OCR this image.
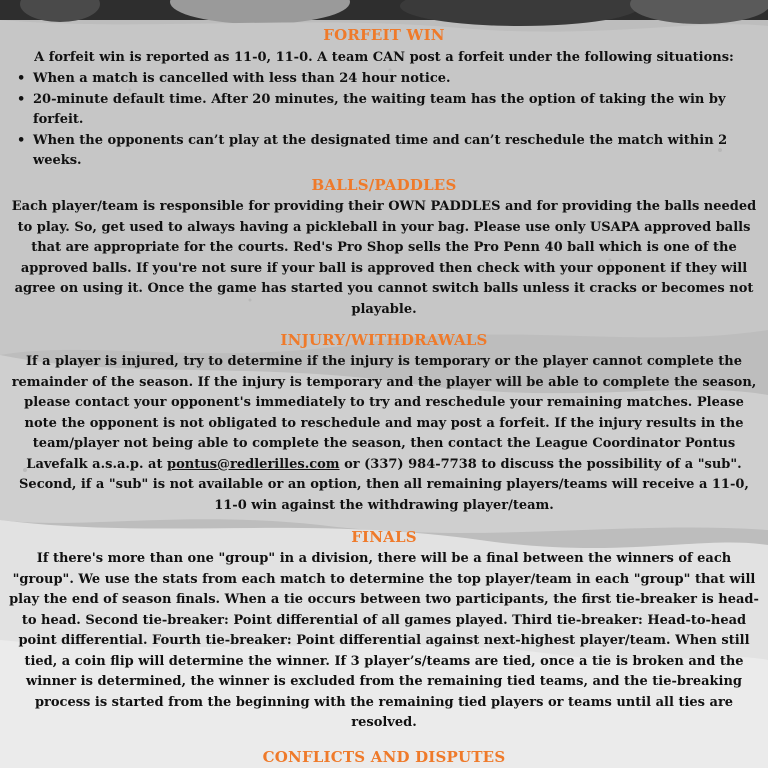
FORFEIT WIN
A forfeit win is reported as 11-0, 11-0. A team CAN post a forfeit under the following situations:
• When a match is cancelled with less than 24 hour notice.
• 20-minute default time. After 20 minutes, the waiting team has the option of taking the win by forfeit.
• When the opponents can’t play at the designated time and can’t reschedule the match within 2 weeks.
BALLS/PADDLES
Each player/team is responsible for providing their OWN PADDLES and for providing the balls needed to play. So, get used to always having a pickleball in your bag. Please use only USAPA approved balls that are appropriate for the courts. Red's Pro Shop sells the Pro Penn 40 ball which is one of the approved balls. If you're not sure if your ball is approved then check with your opponent if they will agree on using it. Once the game has started you cannot switch balls unless it cracks or becomes not playable.
INJURY/WITHDRAWALS
If a player is injured, try to determine if the injury is temporary or the player cannot complete the remainder of the season. If the injury is temporary and the player will be able to complete the season, please contact your opponent's immediately to try and reschedule your remaining matches. Please note the opponent is not obligated to reschedule and may post a forfeit. If the injury results in the team/player not being able to complete the season, then contact the League Coordinator Pontus Lavefalk a.s.a.p. at pontus@redlerilles.com or (337) 984-7738 to discuss the possibility of a "sub". Second, if a "sub" is not available or an option, then all remaining players/teams will receive a 11-0, 11-0 win against the withdrawing player/team.
FINALS
If there's more than one "group" in a division, there will be a final between the winners of each "group". We use the stats from each match to determine the top player/team in each "group" that will play the end of season finals. When a tie occurs between two participants, the first tie-breaker is head-to head. Second tie-breaker: Point differential of all games played. Third tie-breaker: Head-to-head point differential. Fourth tie-breaker: Point differential against next-highest player/team. When still tied, a coin flip will determine the winner. If 3 player’s/teams are tied, once a tie is broken and the winner is determined, the winner is excluded from the remaining tied teams, and the tie-breaking process is started from the beginning with the remaining tied players or teams until all ties are resolved.
CONFLICTS AND DISPUTES
